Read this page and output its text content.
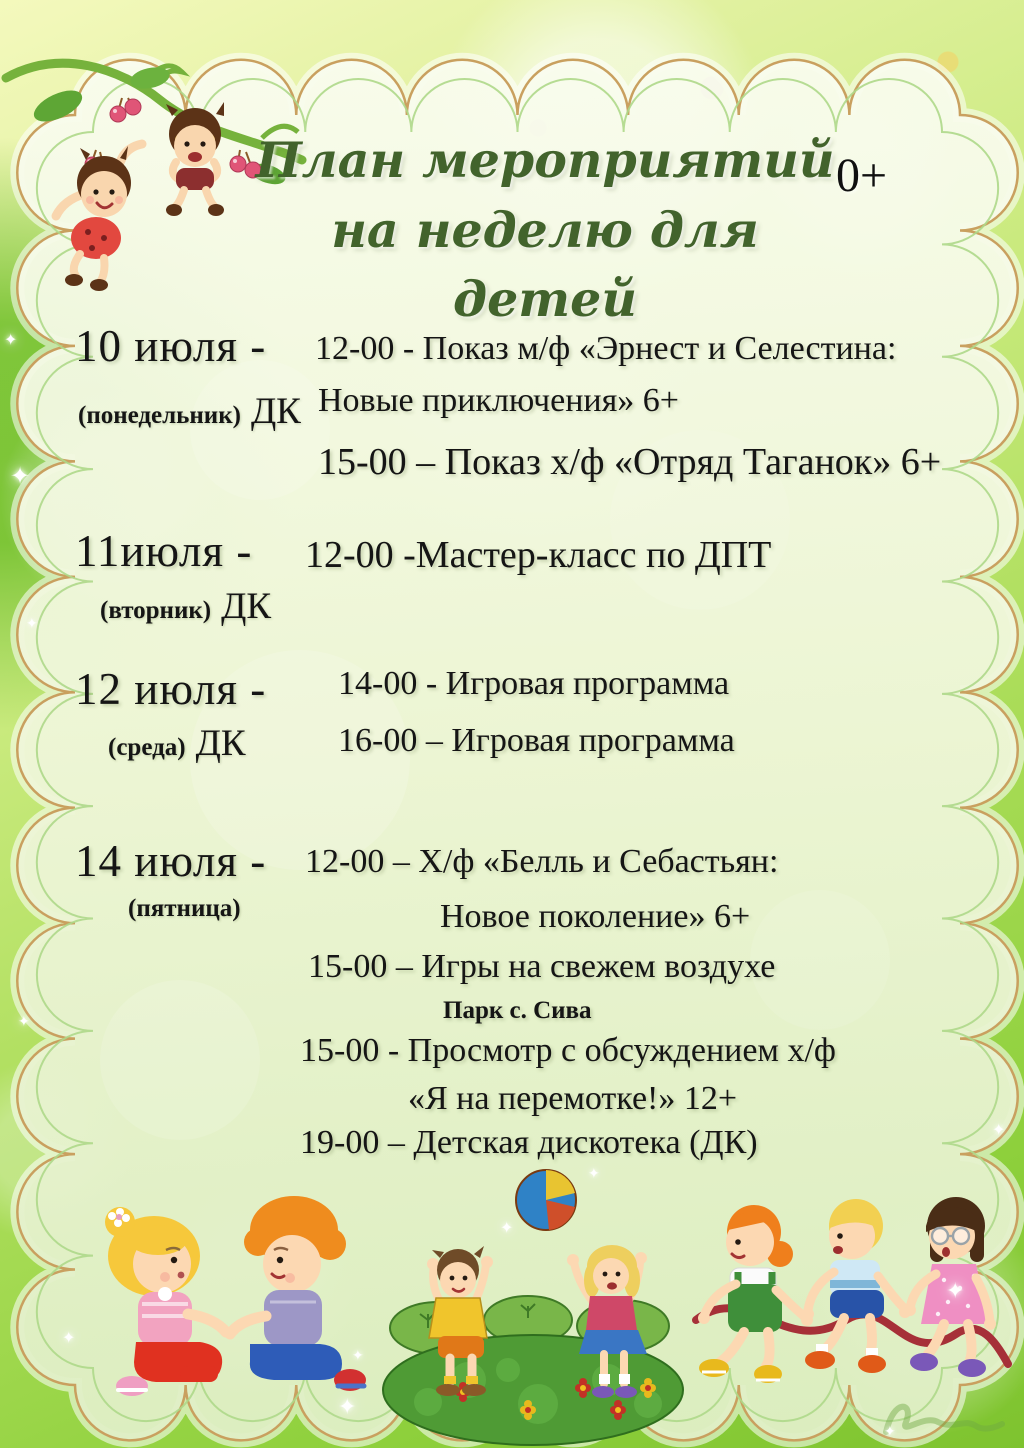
План мероприятий
на неделю для детей
0+
10 июля -
(понедельник) ДК
12-00 - Показ м/ф «Эрнест и Селестина:
Новые приключения» 6+
15-00 – Показ х/ф «Отряд Таганок» 6+
11июля -
(вторник) ДК
12-00 -Мастер-класс по ДПТ
12 июля -
(среда) ДК
14-00 - Игровая программа
16-00 – Игровая программа
14 июля -
(пятница)
12-00 – Х/ф «Белль и Себастьян:
Новое поколение» 6+
15-00 – Игры на свежем воздухе
Парк с. Сива
15-00 - Просмотр с обсуждением х/ф
«Я на перемотке!» 12+
19-00 – Детская дискотека (ДК)
✦
✦
✦
✦
✦
✦
✦
✦
✦
✦
✦
✦
